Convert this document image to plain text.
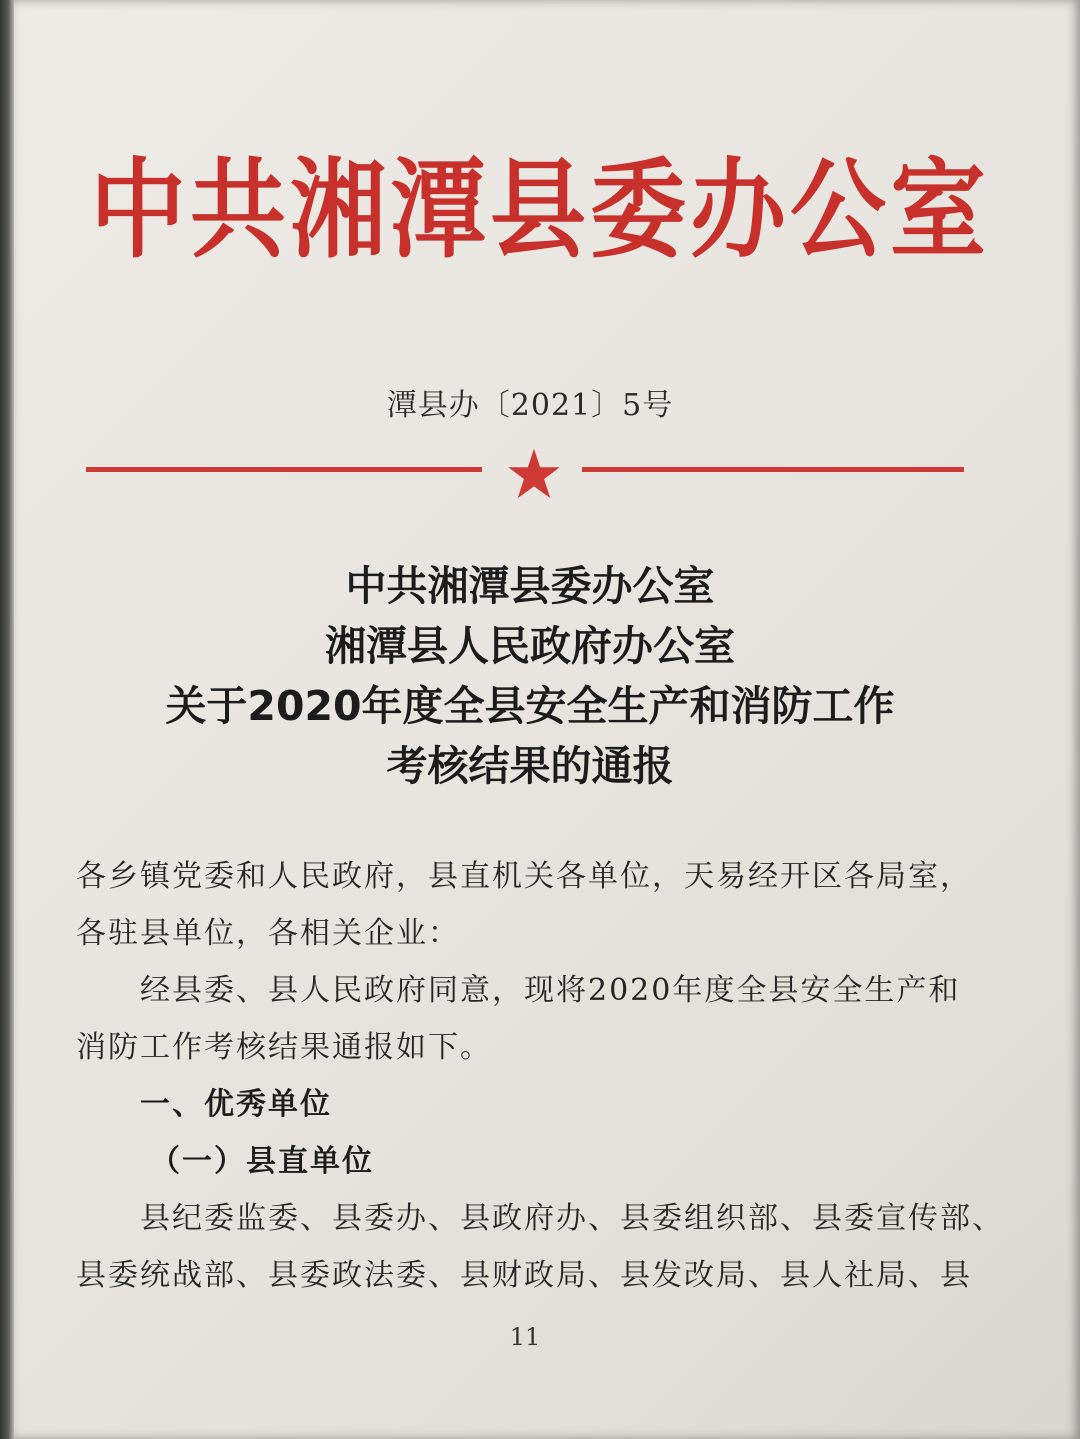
中共湘潭县委办公室
潭县办〔2021〕5号
中共湘潭县委办公室
湘潭县人民政府办公室
关于2020年度全县安全生产和消防工作
考核结果的通报
各乡镇党委和人民政府，县直机关各单位，天易经开区各局室，
各驻县单位，各相关企业：
经县委、县人民政府同意，现将2020年度全县安全生产和
消防工作考核结果通报如下。
一、优秀单位
（一）县直单位
县纪委监委、县委办、县政府办、县委组织部、县委宣传部、
县委统战部、县委政法委、县财政局、县发改局、县人社局、县
11
